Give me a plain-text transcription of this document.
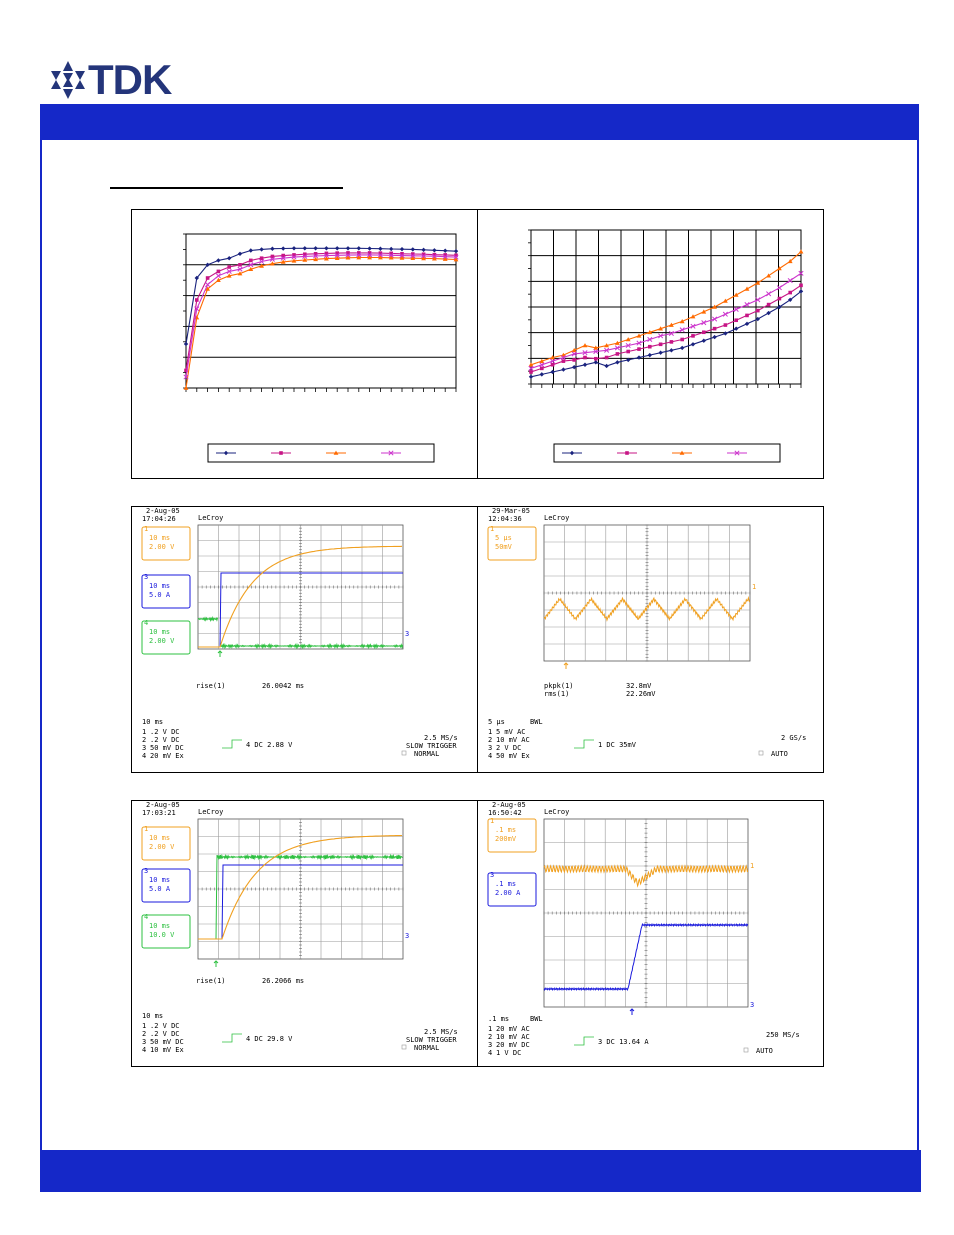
TDK
2-Aug-05
17:04:26	LeCroy
1
10 ms
2.00 V
3
10 ms
5.0 A
4
10 ms
2.00 V
3
rise(1)	26.0042 ms
10 ms
1 .2 V DC
2 .2 V DC
3 50 mV DC
4 20 mV Ex
4 DC 2.88 V
2.5 MS/s
SLOW TRIGGER
NORMAL
29-Mar-05
12:04:36	LeCroy
1
5 μs
50mV
1
pkpk(1)	32.8mV
rms(1)	22.26mV
5 μs	BWL
1 5 mV AC
2 10 mV AC
3 2 V DC
4 50 mV Ex
1 DC 35mV
2 GS/s
AUTO
2-Aug-05
17:03:21	LeCroy
1
10 ms
2.00 V
3
10 ms
5.0 A
4
10 ms
10.0 V	3
rise(1)	26.2066 ms
10 ms
1 .2 V DC
2 .2 V DC
3 50 mV DC
4 10 mV Ex
4 DC 29.8 V
2.5 MS/s
SLOW TRIGGER
NORMAL
2-Aug-05
16:50:42	LeCroy
1
.1 ms
200mV
3
.1 ms
2.00 A
1
3
.1 ms	BWL
1 20 mV AC
2 10 mV AC
3 20 mV DC
4 1 V DC
3 DC 13.64 A
250 MS/s
AUTO
